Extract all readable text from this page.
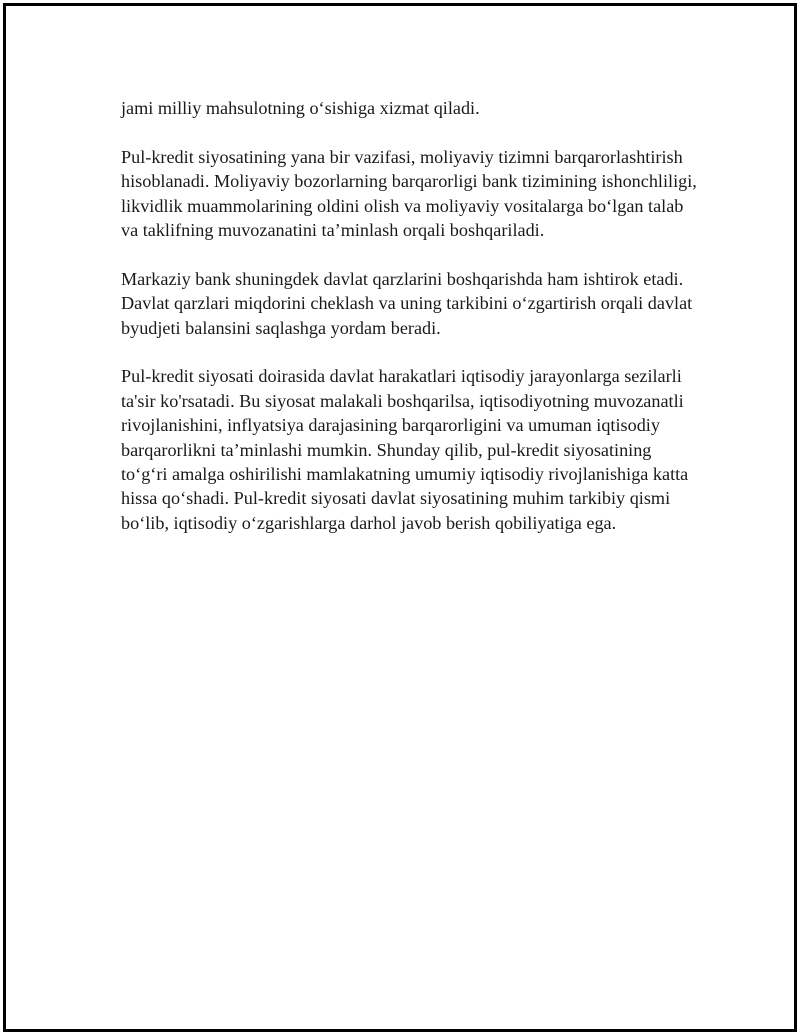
jami milliy mahsulotning o‘sishiga xizmat qiladi.

Pul-kredit siyosatining yana bir vazifasi, moliyaviy tizimni barqarorlashtirish hisoblanadi. Moliyaviy bozorlarning barqarorligi bank tizimining ishonchliligi, likvidlik muammolarining oldini olish va moliyaviy vositalarga bo‘lgan talab va taklifning muvozanatini ta’minlash orqali boshqariladi.

Markaziy bank shuningdek davlat qarzlarini boshqarishda ham ishtirok etadi. Davlat qarzlari miqdorini cheklash va uning tarkibini o‘zgartirish orqali davlat byudjeti balansini saqlashga yordam beradi.

Pul-kredit siyosati doirasida davlat harakatlari iqtisodiy jarayonlarga sezilarli ta'sir ko'rsatadi. Bu siyosat malakali boshqarilsa, iqtisodiyotning muvozanatli rivojlanishini, inflyatsiya darajasining barqarorligini va umuman iqtisodiy barqarorlikni ta’minlashi mumkin. Shunday qilib, pul-kredit siyosatining to‘g‘ri amalga oshirilishi mamlakatning umumiy iqtisodiy rivojlanishiga katta hissa qo‘shadi. Pul-kredit siyosati davlat siyosatining muhim tarkibiy qismi bo‘lib, iqtisodiy o‘zgarishlarga darhol javob berish qobiliyatiga ega.
